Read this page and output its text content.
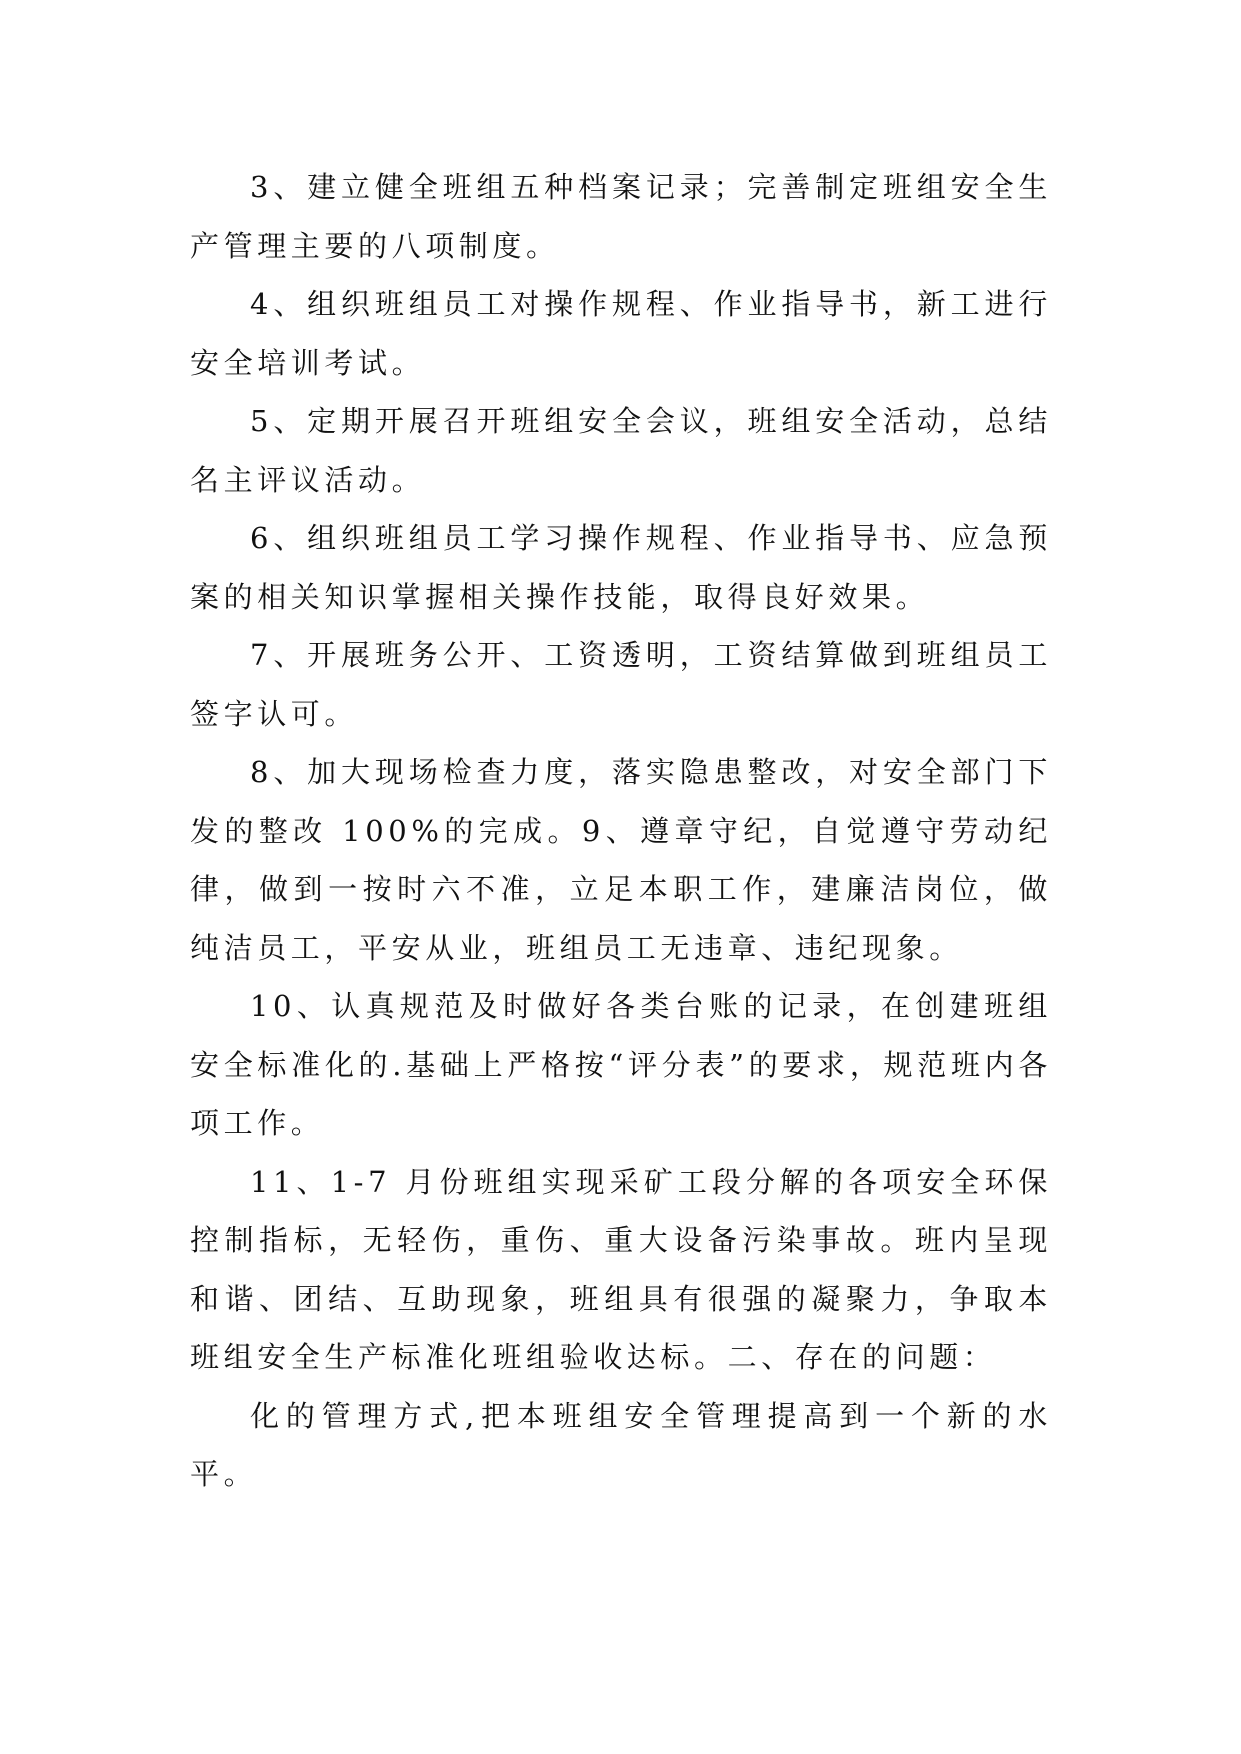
3、建立健全班组五种档案记录；完善制定班组安全生产管理主要的八项制度。

4、组织班组员工对操作规程、作业指导书，新工进行安全培训考试。

5、定期开展召开班组安全会议，班组安全活动，总结名主评议活动。

6、组织班组员工学习操作规程、作业指导书、应急预案的相关知识掌握相关操作技能，取得良好效果。

7、开展班务公开、工资透明，工资结算做到班组员工签字认可。

8、加大现场检查力度，落实隐患整改，对安全部门下发的整改 100%的完成。9、遵章守纪，自觉遵守劳动纪律，做到一按时六不准，立足本职工作，建廉洁岗位，做纯洁员工，平安从业，班组员工无违章、违纪现象。

10、认真规范及时做好各类台账的记录，在创建班组安全标准化的.基础上严格按“评分表”的要求，规范班内各项工作。

11、1-7 月份班组实现采矿工段分解的各项安全环保控制指标，无轻伤，重伤、重大设备污染事故。班内呈现和谐、团结、互助现象，班组具有很强的凝聚力，争取本班组安全生产标准化班组验收达标。二、存在的问题：

化的管理方式,把本班组安全管理提高到一个新的水平。
